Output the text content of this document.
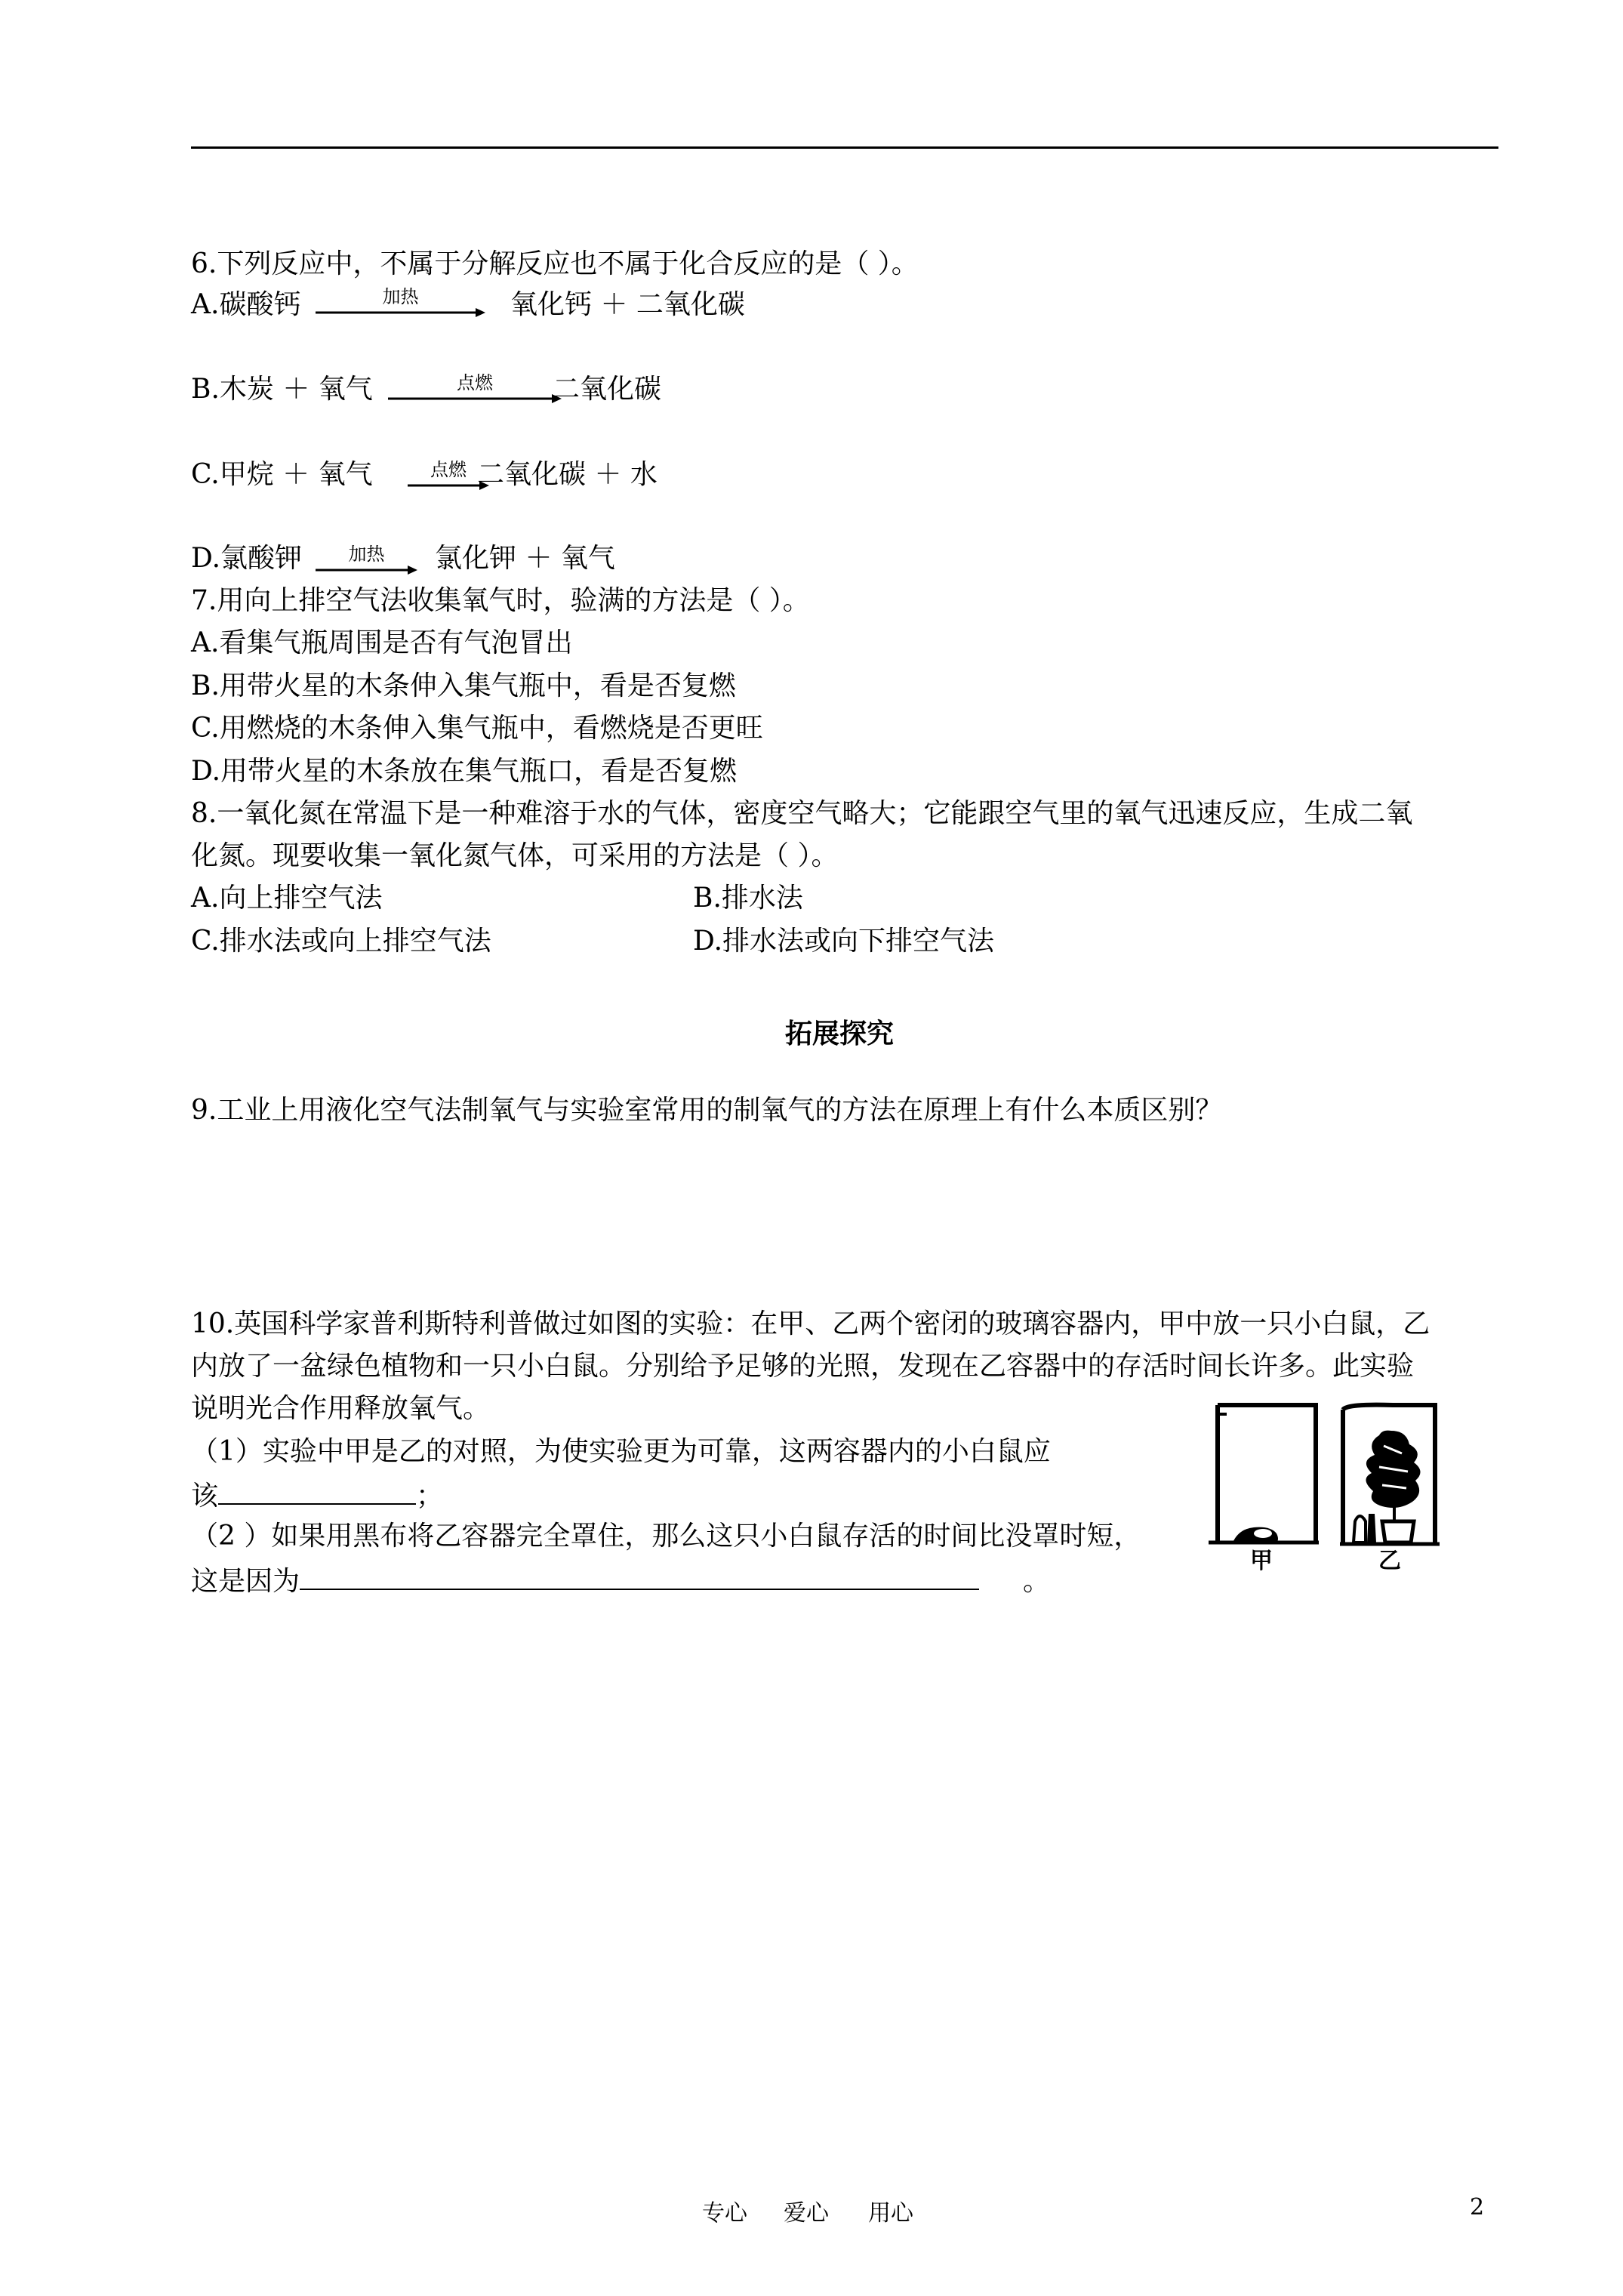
6.下列反应中，不属于分解反应也不属于化合反应的是（ ）。
A.碳酸钙	加热	氧化钙 ＋ 二氧化碳
B.木炭 ＋ 氧气	点燃	二氧化碳
C.甲烷 ＋ 氧气	点燃 二氧化碳 ＋ 水
D.氯酸钾	加热	氯化钾 ＋ 氧气
7.用向上排空气法收集氧气时，验满的方法是（ ）。
A.看集气瓶周围是否有气泡冒出
B.用带火星的木条伸入集气瓶中，看是否复燃
C.用燃烧的木条伸入集气瓶中，看燃烧是否更旺
D.用带火星的木条放在集气瓶口，看是否复燃
8.一氧化氮在常温下是一种难溶于水的气体，密度空气略大；它能跟空气里的氧气迅速反应，生成二氧
化氮。现要收集一氧化氮气体，可采用的方法是（ ）。
A.向上排空气法	B.排水法
C.排水法或向上排空气法	D.排水法或向下排空气法
拓展探究
9.工业上用液化空气法制氧气与实验室常用的制氧气的方法在原理上有什么本质区别？
10.英国科学家普利斯特利普做过如图的实验：在甲、乙两个密闭的玻璃容器内，甲中放一只小白鼠，乙
内放了一盆绿色植物和一只小白鼠。分别给予足够的光照，发现在乙容器中的存活时间长许多。此实验
说明光合作用释放氧气。
（1）实验中甲是乙的对照，为使实验更为可靠，这两容器内的小白鼠应
该	；
（2 ）如果用黑布将乙容器完全罩住，那么这只小白鼠存活的时间比没罩时短，
这是因为	。
甲	乙
专心 爱心 用心	2
